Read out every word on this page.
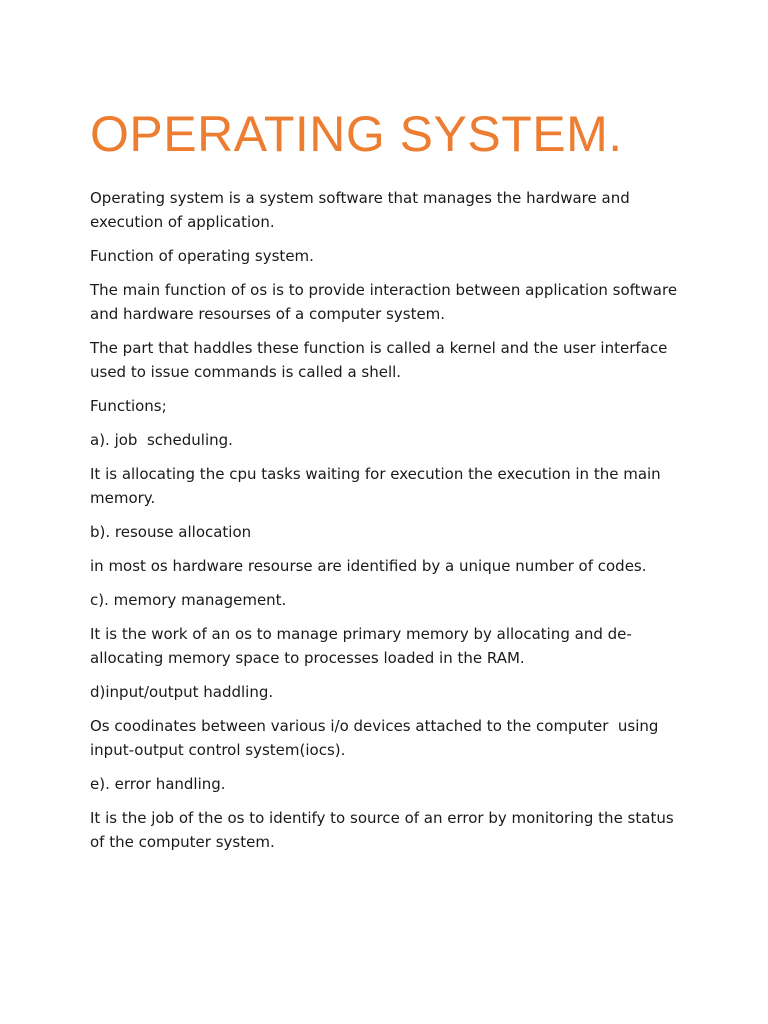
OPERATING SYSTEM.

Operating system is a system software that manages the hardware and execution of application.

Function of operating system.

The main function of os is to provide interaction between application software and hardware resourses of a computer system.

The part that haddles these function is called a kernel and the user interface used to issue commands is called a shell.

Functions;

a). job  scheduling.

It is allocating the cpu tasks waiting for execution the execution in the main memory.

b). resouse allocation

in most os hardware resourse are identified by a unique number of codes.

c). memory management.

It is the work of an os to manage primary memory by allocating and de-allocating memory space to processes loaded in the RAM.

d)input/output haddling.

Os coodinates between various i/o devices attached to the computer  using input-output control system(iocs).

e). error handling.

It is the job of the os to identify to source of an error by monitoring the status of the computer system.
